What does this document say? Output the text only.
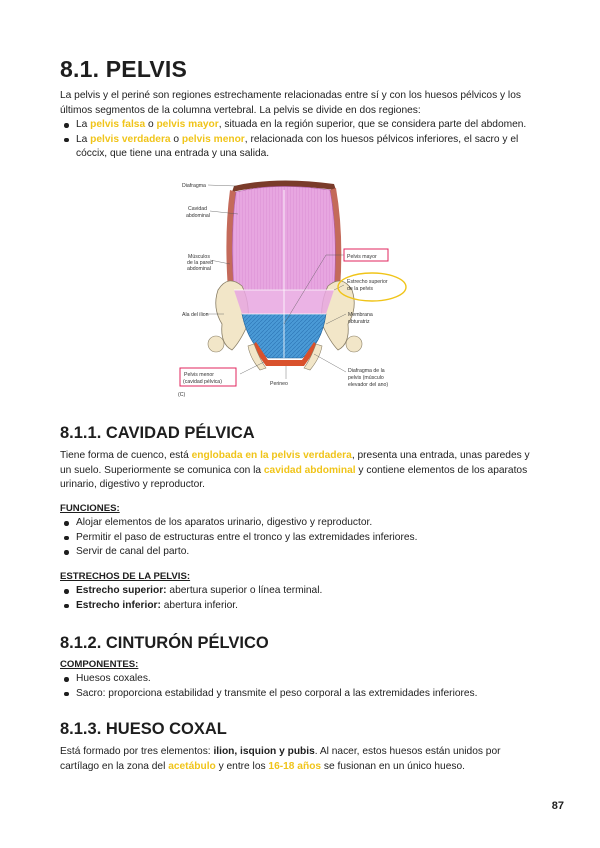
8.1. PELVIS

La pelvis y el periné son regiones estrechamente relacionadas entre sí y con los huesos pélvicos y los últimos segmentos de la columna vertebral. La pelvis se divide en dos regiones:

La pelvis falsa o pelvis mayor, situada en la región superior, que se considera parte del abdomen.
La pelvis verdadera o pelvis menor, relacionada con los huesos pélvicos inferiores, el sacro y el cóccix, que tiene una entrada y una salida.
Diafragma
Cavidad
abdominal
Músculos
de la pared
abdominal
Pelvis mayor
Estrecho superior
de la pelvis
Ala del ilion	Membrana
obturatriz
Pelvis menor
(cavidad pélvica)	Perineo
Diafragma de la
pelvis (músculo
elevador del ano)
(C)
8.1.1. CAVIDAD PÉLVICA

Tiene forma de cuenco, está englobada en la pelvis verdadera, presenta una entrada, unas paredes y un suelo. Superiormente se comunica con la cavidad abdominal y contiene elementos de los aparatos urinario, digestivo y reproductor.

FUNCIONES:

Alojar elementos de los aparatos urinario, digestivo y reproductor.
Permitir el paso de estructuras entre el tronco y las extremidades inferiores.
Servir de canal del parto.

ESTRECHOS DE LA PELVIS:

Estrecho superior: abertura superior o línea terminal.
Estrecho inferior: abertura inferior.
8.1.2. CINTURÓN PÉLVICO

COMPONENTES:

Huesos coxales.
Sacro: proporciona estabilidad y transmite el peso corporal a las extremidades inferiores.
8.1.3. HUESO COXAL

Está formado por tres elementos: ilion, isquion y pubis. Al nacer, estos huesos están unidos por cartílago en la zona del acetábulo y entre los 16-18 años se fusionan en un único hueso.

87
